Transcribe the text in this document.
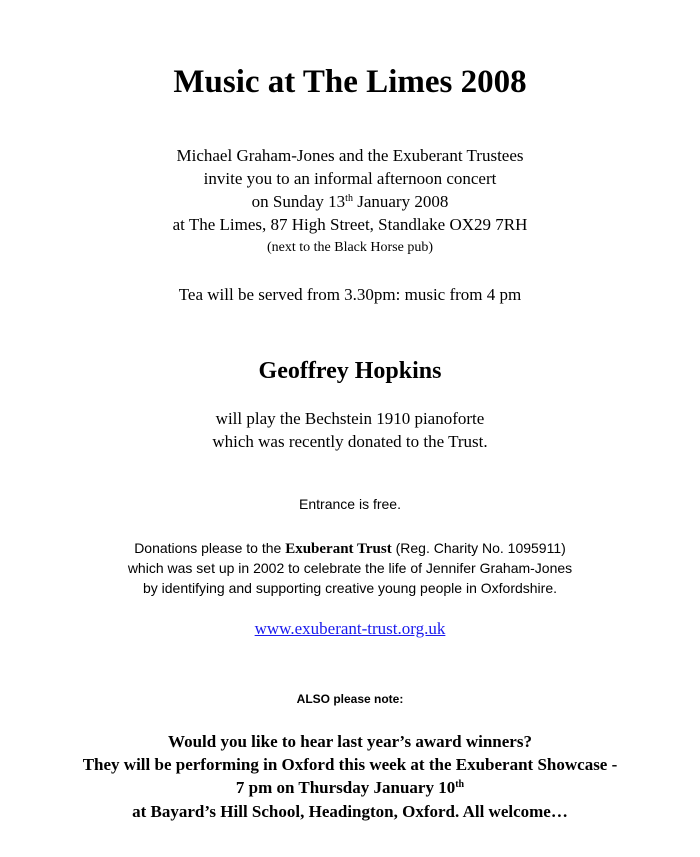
Music at The Limes 2008
Michael Graham-Jones and the Exuberant Trustees
invite you to an informal afternoon concert
on Sunday 13th January 2008
at The Limes, 87 High Street, Standlake OX29 7RH
(next to the Black Horse pub)
Tea will be served from 3.30pm: music from 4 pm
Geoffrey Hopkins
will play the Bechstein 1910 pianoforte
which was recently donated to the Trust.
Entrance is free.
Donations please to the Exuberant Trust (Reg. Charity No. 1095911)
which was set up in 2002 to celebrate the life of Jennifer Graham-Jones
by identifying and supporting creative young people in Oxfordshire.
www.exuberant-trust.org.uk
ALSO please note:
Would you like to hear last year’s award winners?
They will be performing in Oxford this week at the Exuberant Showcase -
7 pm on Thursday January 10th
at Bayard’s Hill School, Headington, Oxford. All welcome…
